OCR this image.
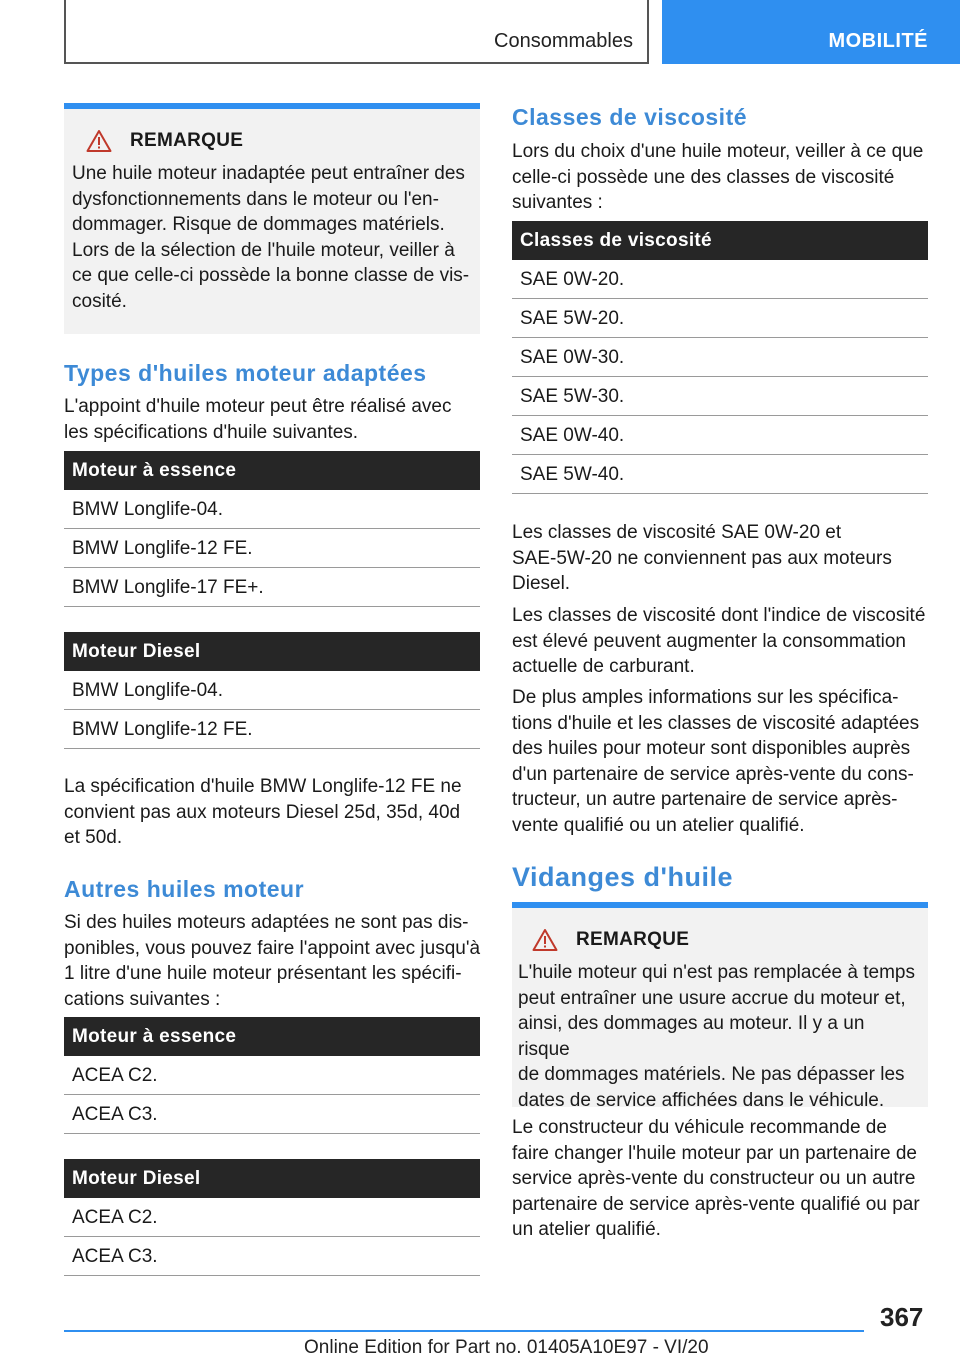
Consommables	MOBILITÉ
REMARQUE
Une huile moteur inadaptée peut entraîner des
dysfonctionnements dans le moteur ou l'en‐
dommager. Risque de dommages matériels.
Lors de la sélection de l'huile moteur, veiller à
ce que celle-ci possède la bonne classe de vis‐
cosité.
Types d'huiles moteur adaptées

L'appoint d'huile moteur peut être réalisé avec
les spécifications d'huile suivantes.

Moteur à essence
BMW Longlife-04.
BMW Longlife-12 FE.
BMW Longlife-17 FE+.
Moteur Diesel
BMW Longlife-04.
BMW Longlife-12 FE.

La spécification d'huile BMW Longlife-12 FE ne
convient pas aux moteurs Diesel 25d, 35d, 40d
et 50d.

Autres huiles moteur

Si des huiles moteurs adaptées ne sont pas dis‐
ponibles, vous pouvez faire l'appoint avec jusqu'à
1 litre d'une huile moteur présentant les spécifi‐
cations suivantes :

Moteur à essence
ACEA C2.
ACEA C3.
Moteur Diesel
ACEA C2.
ACEA C3.
Classes de viscosité

Lors du choix d'une huile moteur, veiller à ce que
celle-ci possède une des classes de viscosité
suivantes :

Classes de viscosité
SAE 0W-20.
SAE 5W-20.
SAE 0W-30.
SAE 5W-30.
SAE 0W-40.
SAE 5W-40.

Les classes de viscosité SAE 0W-20 et
SAE-5W-20 ne conviennent pas aux moteurs
Diesel.

Les classes de viscosité dont l'indice de viscosité
est élevé peuvent augmenter la consommation
actuelle de carburant.

De plus amples informations sur les spécifica‐
tions d'huile et les classes de viscosité adaptées
des huiles pour moteur sont disponibles auprès
d'un partenaire de service après-vente du cons‐
tructeur, un autre partenaire de service après-
vente qualifié ou un atelier qualifié.

Vidanges d'huile
REMARQUE
L'huile moteur qui n'est pas remplacée à temps
peut entraîner une usure accrue du moteur et,
ainsi, des dommages au moteur. Il y a un risque
de dommages matériels. Ne pas dépasser les
dates de service affichées dans le véhicule.

Le constructeur du véhicule recommande de
faire changer l'huile moteur par un partenaire de
service après-vente du constructeur ou un autre
partenaire de service après-vente qualifié ou par
un atelier qualifié.

367
Online Edition for Part no. 01405A10E97 - VI/20
